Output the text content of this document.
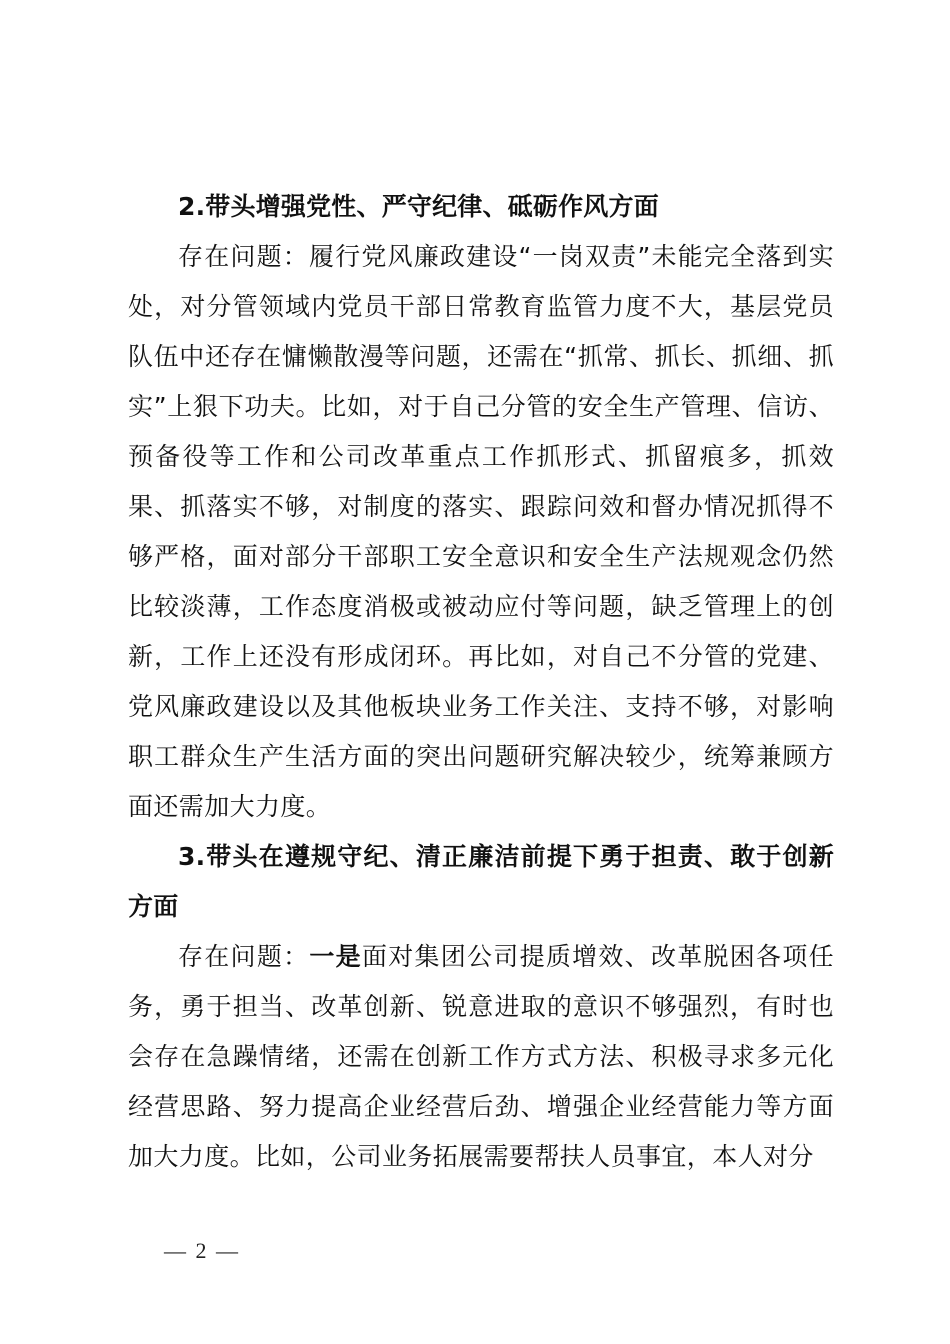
2.带头增强党性、严守纪律、砥砺作风方面

存在问题：履行党风廉政建设“一岗双责”未能完全落到实处，对分管领域内党员干部日常教育监管力度不大，基层党员队伍中还存在慵懒散漫等问题，还需在“抓常、抓长、抓细、抓实”上狠下功夫。比如，对于自己分管的安全生产管理、信访、预备役等工作和公司改革重点工作抓形式、抓留痕多，抓效果、抓落实不够，对制度的落实、跟踪问效和督办情况抓得不够严格，面对部分干部职工安全意识和安全生产法规观念仍然比较淡薄，工作态度消极或被动应付等问题，缺乏管理上的创新，工作上还没有形成闭环。再比如，对自己不分管的党建、党风廉政建设以及其他板块业务工作关注、支持不够，对影响职工群众生产生活方面的突出问题研究解决较少，统筹兼顾方面还需加大力度。

3.带头在遵规守纪、清正廉洁前提下勇于担责、敢于创新方面

存在问题：一是面对集团公司提质增效、改革脱困各项任务，勇于担当、改革创新、锐意进取的意识不够强烈，有时也会存在急躁情绪，还需在创新工作方式方法、积极寻求多元化经营思路、努力提高企业经营后劲、增强企业经营能力等方面加大力度。比如，公司业务拓展需要帮扶人员事宜，本人对分

— 2 —
